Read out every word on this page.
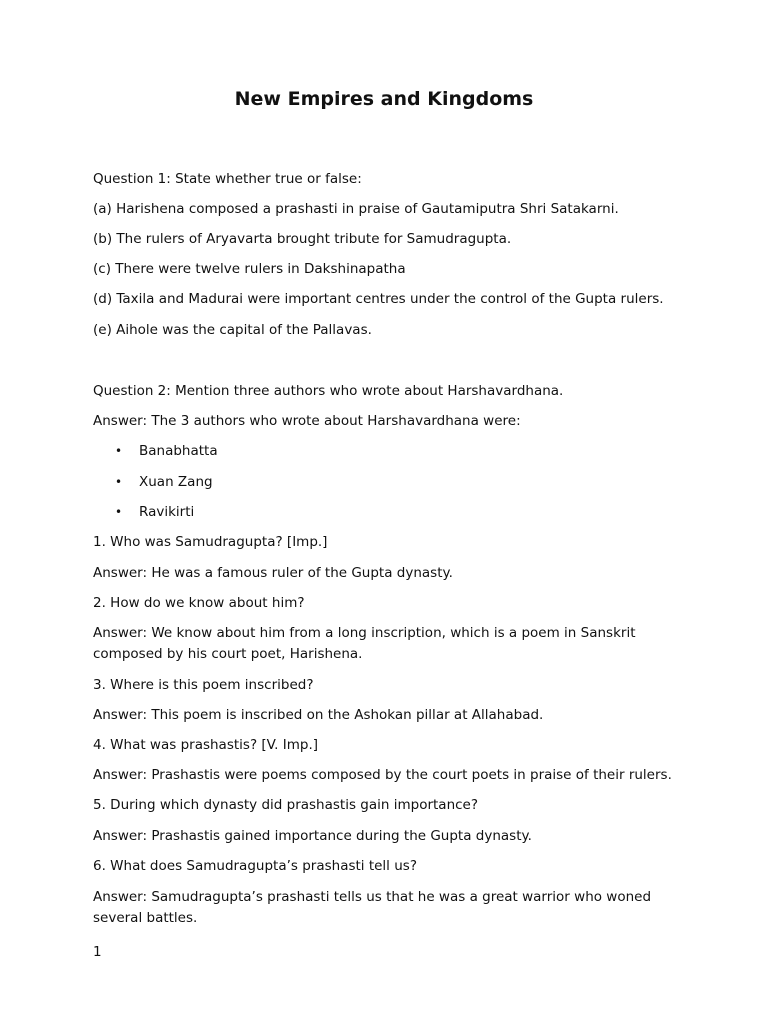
New Empires and Kingdoms

Question 1: State whether true or false:

(a) Harishena composed a prashasti in praise of Gautamiputra Shri Satakarni.

(b) The rulers of Aryavarta brought tribute for Samudragupta.

(c) There were twelve rulers in Dakshinapatha

(d) Taxila and Madurai were important centres under the control of the Gupta rulers.

(e) Aihole was the capital of the Pallavas.

Question 2: Mention three authors who wrote about Harshavardhana.

Answer: The 3 authors who wrote about Harshavardhana were:

• Banabhatta

• Xuan Zang

• Ravikirti

1. Who was Samudragupta? [Imp.]

Answer: He was a famous ruler of the Gupta dynasty.

2. How do we know about him?

Answer: We know about him from a long inscription, which is a poem in Sanskrit composed by his court poet, Harishena.

3. Where is this poem inscribed?

Answer: This poem is inscribed on the Ashokan pillar at Allahabad.

4. What was prashastis? [V. Imp.]

Answer: Prashastis were poems composed by the court poets in praise of their rulers.

5. During which dynasty did prashastis gain importance?

Answer: Prashastis gained importance during the Gupta dynasty.

6. What does Samudragupta’s prashasti tell us?

Answer: Samudragupta’s prashasti tells us that he was a great warrior who woned several battles.

1
